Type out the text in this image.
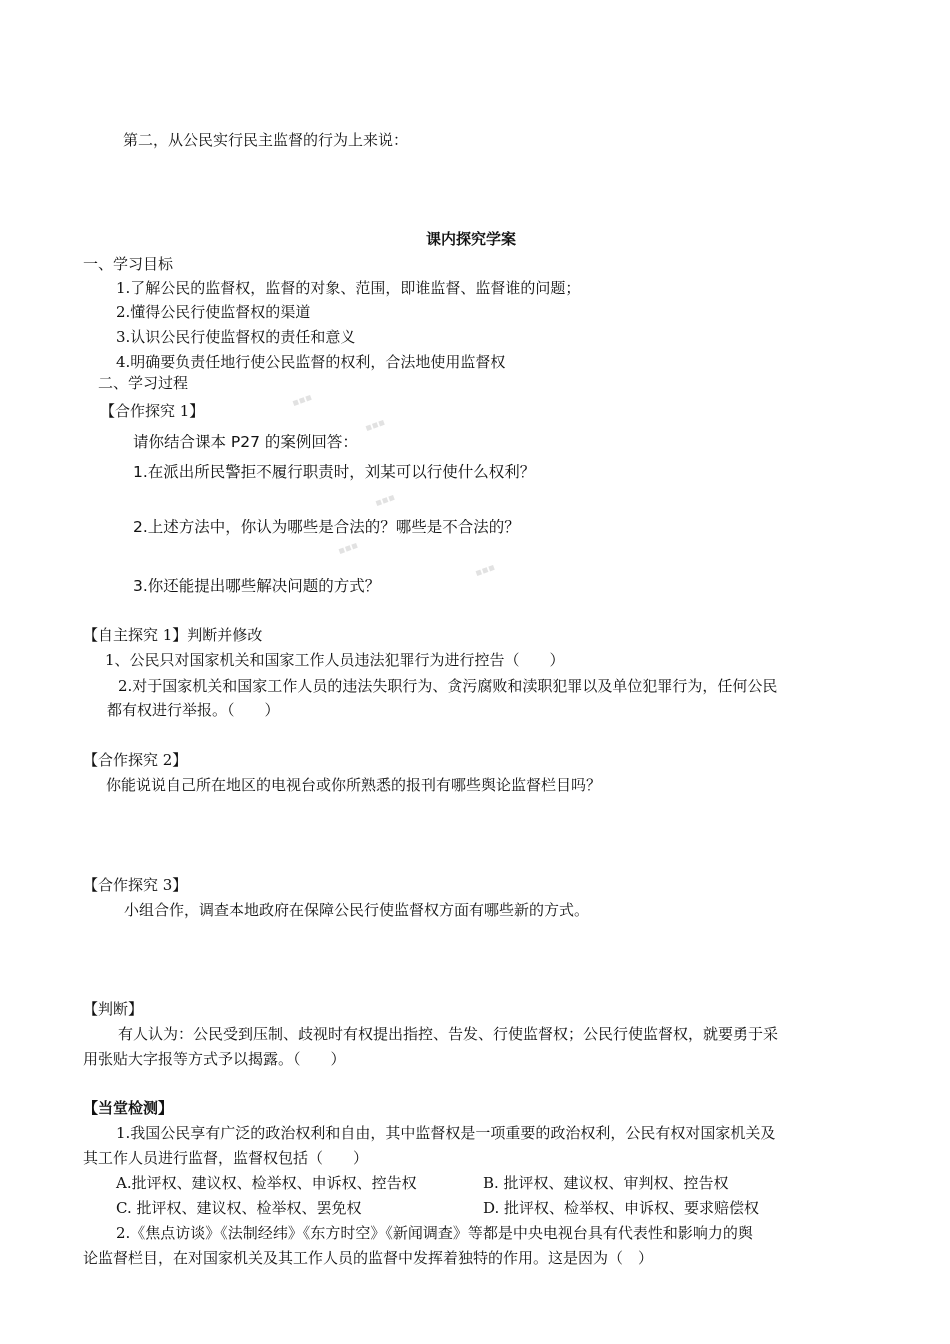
第二，从公民实行民主监督的行为上来说：
课内探究学案
一、学习目标
1.了解公民的监督权，监督的对象、范围，即谁监督、监督谁的问题；
2.懂得公民行使监督权的渠道
3.认识公民行使监督权的责任和意义
4.明确要负责任地行使公民监督的权利，合法地使用监督权
二、学习过程
【合作探究 1】
请你结合课本 P27 的案例回答：
1.在派出所民警拒不履行职责时，刘某可以行使什么权利？
2.上述方法中，你认为哪些是合法的？哪些是不合法的？
3.你还能提出哪些解决问题的方式？
【自主探究 1】判断并修改
1、公民只对国家机关和国家工作人员违法犯罪行为进行控告（　　）
2.对于国家机关和国家工作人员的违法失职行为、贪污腐败和渎职犯罪以及单位犯罪行为，任何公民
都有权进行举报。（　　）
【合作探究 2】
你能说说自己所在地区的电视台或你所熟悉的报刊有哪些舆论监督栏目吗？
【合作探究 3】
小组合作，调查本地政府在保障公民行使监督权方面有哪些新的方式。
【判断】
有人认为：公民受到压制、歧视时有权提出指控、告发、行使监督权；公民行使监督权，就要勇于采
用张贴大字报等方式予以揭露。（　　）
【当堂检测】
1.我国公民享有广泛的政治权利和自由，其中监督权是一项重要的政治权利，公民有权对国家机关及
其工作人员进行监督，监督权包括（　　）
A.批评权、建议权、检举权、申诉权、控告权	B. 批评权、建议权、审判权、控告权
C. 批评权、建议权、检举权、罢免权	D. 批评权、检举权、申诉权、要求赔偿权
2.《焦点访谈》《法制经纬》《东方时空》《新闻调查》等都是中央电视台具有代表性和影响力的舆
论监督栏目，在对国家机关及其工作人员的监督中发挥着独特的作用。这是因为（　）
▪▪▪
▪▪▪
▪▪▪
▪▪▪
▪▪▪
